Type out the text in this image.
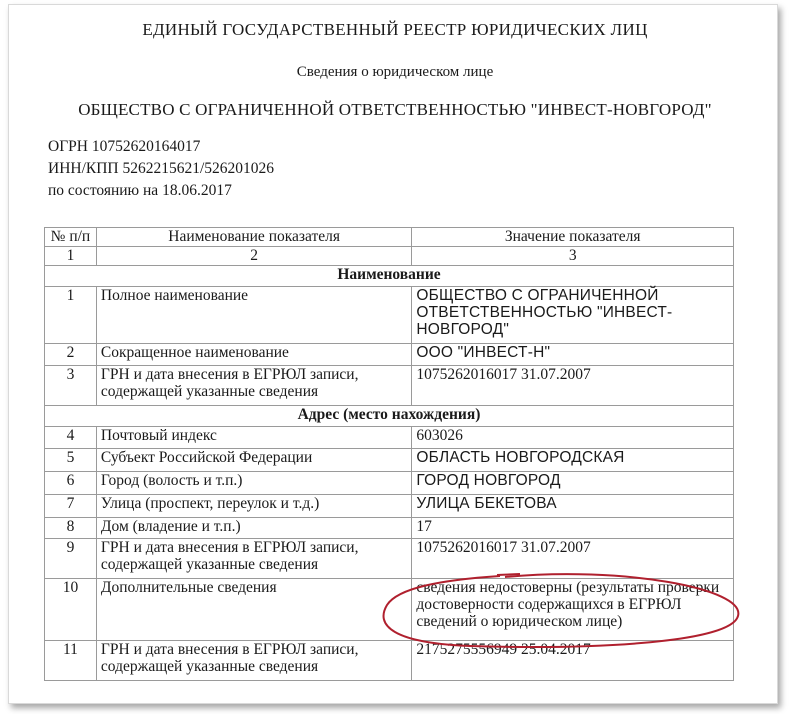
ЕДИНЫЙ ГОСУДАРСТВЕННЫЙ РЕЕСТР ЮРИДИЧЕСКИХ ЛИЦ
Сведения о юридическом лице
ОБЩЕСТВО С ОГРАНИЧЕННОЙ ОТВЕТСТВЕННОСТЬЮ "ИНВЕСТ-НОВГОРОД"
ОГРН 10752620164017
ИНН/КПП 5262215621/526201026
по состоянию на 18.06.2017
№ п/п	Наименование показателя	Значение показателя
1	2	3
Наименование		
1	Полное наименование	ОБЩЕСТВО С ОГРАНИЧЕННОЙ ОТВЕТСТВЕННОСТЬЮ "ИНВЕСТ-НОВГОРОД"
2	Сокращенное наименование	ООО "ИНВЕСТ-Н"
3	ГРН и дата внесения в ЕГРЮЛ записи, содержащей указанные сведения	1075262016017 31.07.2007
Адрес (место нахождения)		
4	Почтовый индекс	603026
5	Субъект Российской Федерации	ОБЛАСТЬ НОВГОРОДСКАЯ
6	Город (волость и т.п.)	ГОРОД НОВГОРОД
7	Улица (проспект, переулок и т.д.)	УЛИЦА БЕКЕТОВА
8	Дом (владение и т.п.)	17
9	ГРН и дата внесения в ЕГРЮЛ записи, содержащей указанные сведения	1075262016017 31.07.2007
10	Дополнительные сведения	сведения недостоверны (результаты проверки достоверности содержащихся в ЕГРЮЛ сведений о юридическом лице)
11	ГРН и дата внесения в ЕГРЮЛ записи, содержащей указанные сведения	2175275556949 25.04.2017
